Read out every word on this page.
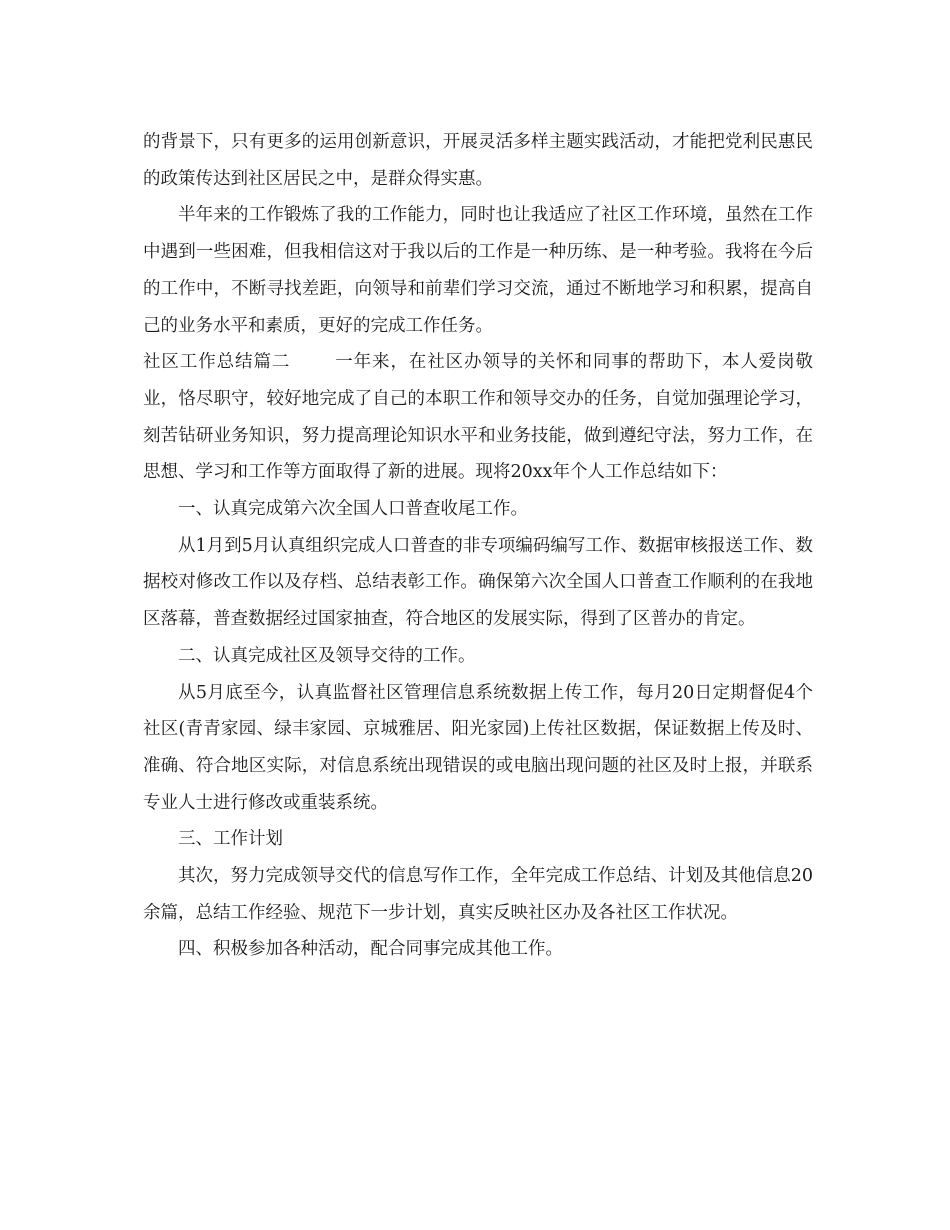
的背景下，只有更多的运用创新意识，开展灵活多样主题实践活动，才能把党利民惠民的政策传达到社区居民之中，是群众得实惠。

半年来的工作锻炼了我的工作能力，同时也让我适应了社区工作环境，虽然在工作中遇到一些困难，但我相信这对于我以后的工作是一种历练、是一种考验。我将在今后的工作中，不断寻找差距，向领导和前辈们学习交流，通过不断地学习和积累，提高自己的业务水平和素质，更好的完成工作任务。

社区工作总结篇二	一年来，在社区办领导的关怀和同事的帮助下，本人爱岗敬业，恪尽职守，较好地完成了自己的本职工作和领导交办的任务，自觉加强理论学习，刻苦钻研业务知识，努力提高理论知识水平和业务技能，做到遵纪守法，努力工作，在思想、学习和工作等方面取得了新的进展。现将20xx年个人工作总结如下：

一、认真完成第六次全国人口普查收尾工作。

从1月到5月认真组织完成人口普查的非专项编码编写工作、数据审核报送工作、数据校对修改工作以及存档、总结表彰工作。确保第六次全国人口普查工作顺利的在我地区落幕，普查数据经过国家抽查，符合地区的发展实际，得到了区普办的肯定。

二、认真完成社区及领导交待的工作。

从5月底至今，认真监督社区管理信息系统数据上传工作，每月20日定期督促4个社区(青青家园、绿丰家园、京城雅居、阳光家园)上传社区数据，保证数据上传及时、准确、符合地区实际，对信息系统出现错误的或电脑出现问题的社区及时上报，并联系专业人士进行修改或重装系统。

三、工作计划

其次，努力完成领导交代的信息写作工作，全年完成工作总结、计划及其他信息20余篇，总结工作经验、规范下一步计划，真实反映社区办及各社区工作状况。

四、积极参加各种活动，配合同事完成其他工作。
